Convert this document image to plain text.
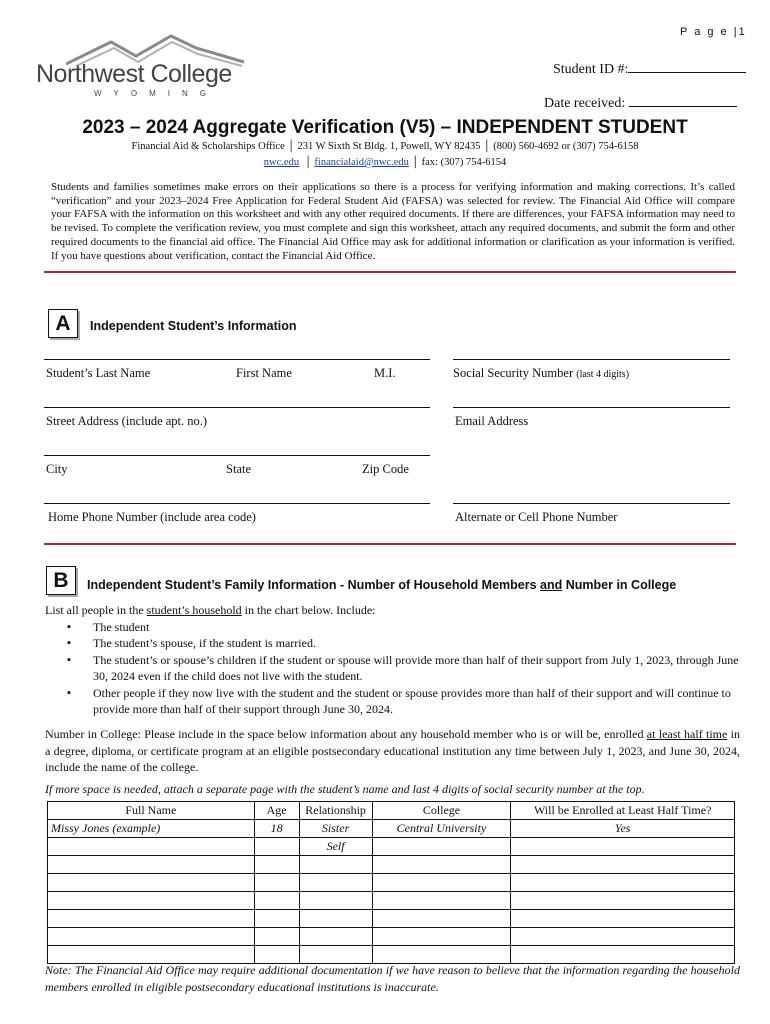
P a g e |1
Northwest College
WYOMING
Student ID #:
Date received:
2023 – 2024 Aggregate Verification (V5) – INDEPENDENT STUDENT
Financial Aid & Scholarships Office │ 231 W Sixth St Bldg. 1, Powell, WY 82435 │ (800) 560-4692 or (307) 754-6158
nwc.edu  │ financialaid@nwc.edu │ fax: (307) 754-6154
Students and families sometimes make errors on their applications so there is a process for verifying information and making corrections. It’s called “verification” and your 2023–2024 Free Application for Federal Student Aid (FAFSA) was selected for review. The Financial Aid Office will compare your FAFSA with the information on this worksheet and with any other required documents. If there are differences, your FAFSA information may need to be revised. To complete the verification review, you must complete and sign this worksheet, attach any required documents, and submit the form and other required documents to the financial aid office. The Financial Aid Office may ask for additional information or clarification as your information is verified. If you have questions about verification, contact the Financial Aid Office.
A	Independent Student’s Information
Student’s Last Name	First Name	M.I.	Social Security Number (last 4 digits)
Street Address (include apt. no.)	Email Address
City	State	Zip Code
Home Phone Number (include area code)	Alternate or Cell Phone Number
B	Independent Student’s Family Information - Number of Household Members and Number in College
List all people in the student’s household in the chart below. Include:
▪ The student
▪ The student’s spouse, if the student is married.
▪ The student’s or spouse’s children if the student or spouse will provide more than half of their support from July 1, 2023, through June 30, 2024 even if the child does not live with the student.
▪ Other people if they now live with the student and the student or spouse provides more than half of their support and will continue to provide more than half of their support through June 30, 2024.
Number in College: Please include in the space below information about any household member who is or will be, enrolled at least half time in a degree, diploma, or certificate program at an eligible postsecondary educational institution any time between July 1, 2023, and June 30, 2024, include the name of the college.
If more space is needed, attach a separate page with the student’s name and last 4 digits of social security number at the top.
Full Name	Age	Relationship	College	Will be Enrolled at Least Half Time?
Missy Jones (example)	18	Sister	Central University	Yes
		Self		

Note: The Financial Aid Office may require additional documentation if we have reason to believe that the information regarding the household members enrolled in eligible postsecondary educational institutions is inaccurate.
